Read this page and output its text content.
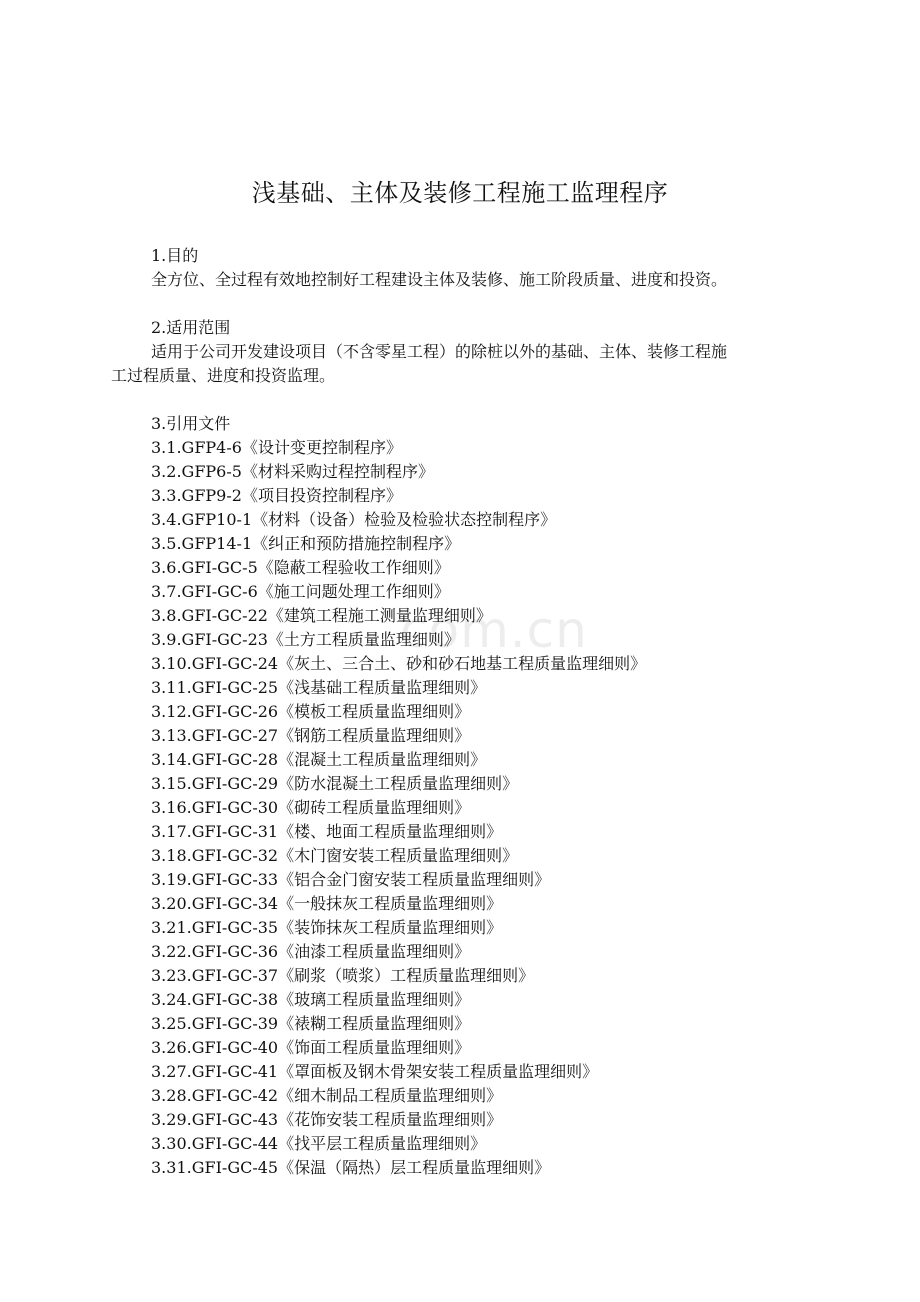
com.cn
浅基础、主体及装修工程施工监理程序
1.目的
全方位、全过程有效地控制好工程建设主体及装修、施工阶段质量、进度和投资。
2.适用范围
适用于公司开发建设项目（不含零星工程）的除桩以外的基础、主体、装修工程施
工过程质量、进度和投资监理。
3.引用文件
3.1.GFP4-6《设计变更控制程序》
3.2.GFP6-5《材料采购过程控制程序》
3.3.GFP9-2《项目投资控制程序》
3.4.GFP10-1《材料（设备）检验及检验状态控制程序》
3.5.GFP14-1《纠正和预防措施控制程序》
3.6.GFI-GC-5《隐蔽工程验收工作细则》
3.7.GFI-GC-6《施工问题处理工作细则》
3.8.GFI-GC-22《建筑工程施工测量监理细则》
3.9.GFI-GC-23《土方工程质量监理细则》
3.10.GFI-GC-24《灰土、三合土、砂和砂石地基工程质量监理细则》
3.11.GFI-GC-25《浅基础工程质量监理细则》
3.12.GFI-GC-26《模板工程质量监理细则》
3.13.GFI-GC-27《钢筋工程质量监理细则》
3.14.GFI-GC-28《混凝土工程质量监理细则》
3.15.GFI-GC-29《防水混凝土工程质量监理细则》
3.16.GFI-GC-30《砌砖工程质量监理细则》
3.17.GFI-GC-31《楼、地面工程质量监理细则》
3.18.GFI-GC-32《木门窗安装工程质量监理细则》
3.19.GFI-GC-33《铝合金门窗安装工程质量监理细则》
3.20.GFI-GC-34《一般抹灰工程质量监理细则》
3.21.GFI-GC-35《装饰抹灰工程质量监理细则》
3.22.GFI-GC-36《油漆工程质量监理细则》
3.23.GFI-GC-37《刷浆（喷浆）工程质量监理细则》
3.24.GFI-GC-38《玻璃工程质量监理细则》
3.25.GFI-GC-39《裱糊工程质量监理细则》
3.26.GFI-GC-40《饰面工程质量监理细则》
3.27.GFI-GC-41《罩面板及钢木骨架安装工程质量监理细则》
3.28.GFI-GC-42《细木制品工程质量监理细则》
3.29.GFI-GC-43《花饰安装工程质量监理细则》
3.30.GFI-GC-44《找平层工程质量监理细则》
3.31.GFI-GC-45《保温（隔热）层工程质量监理细则》
